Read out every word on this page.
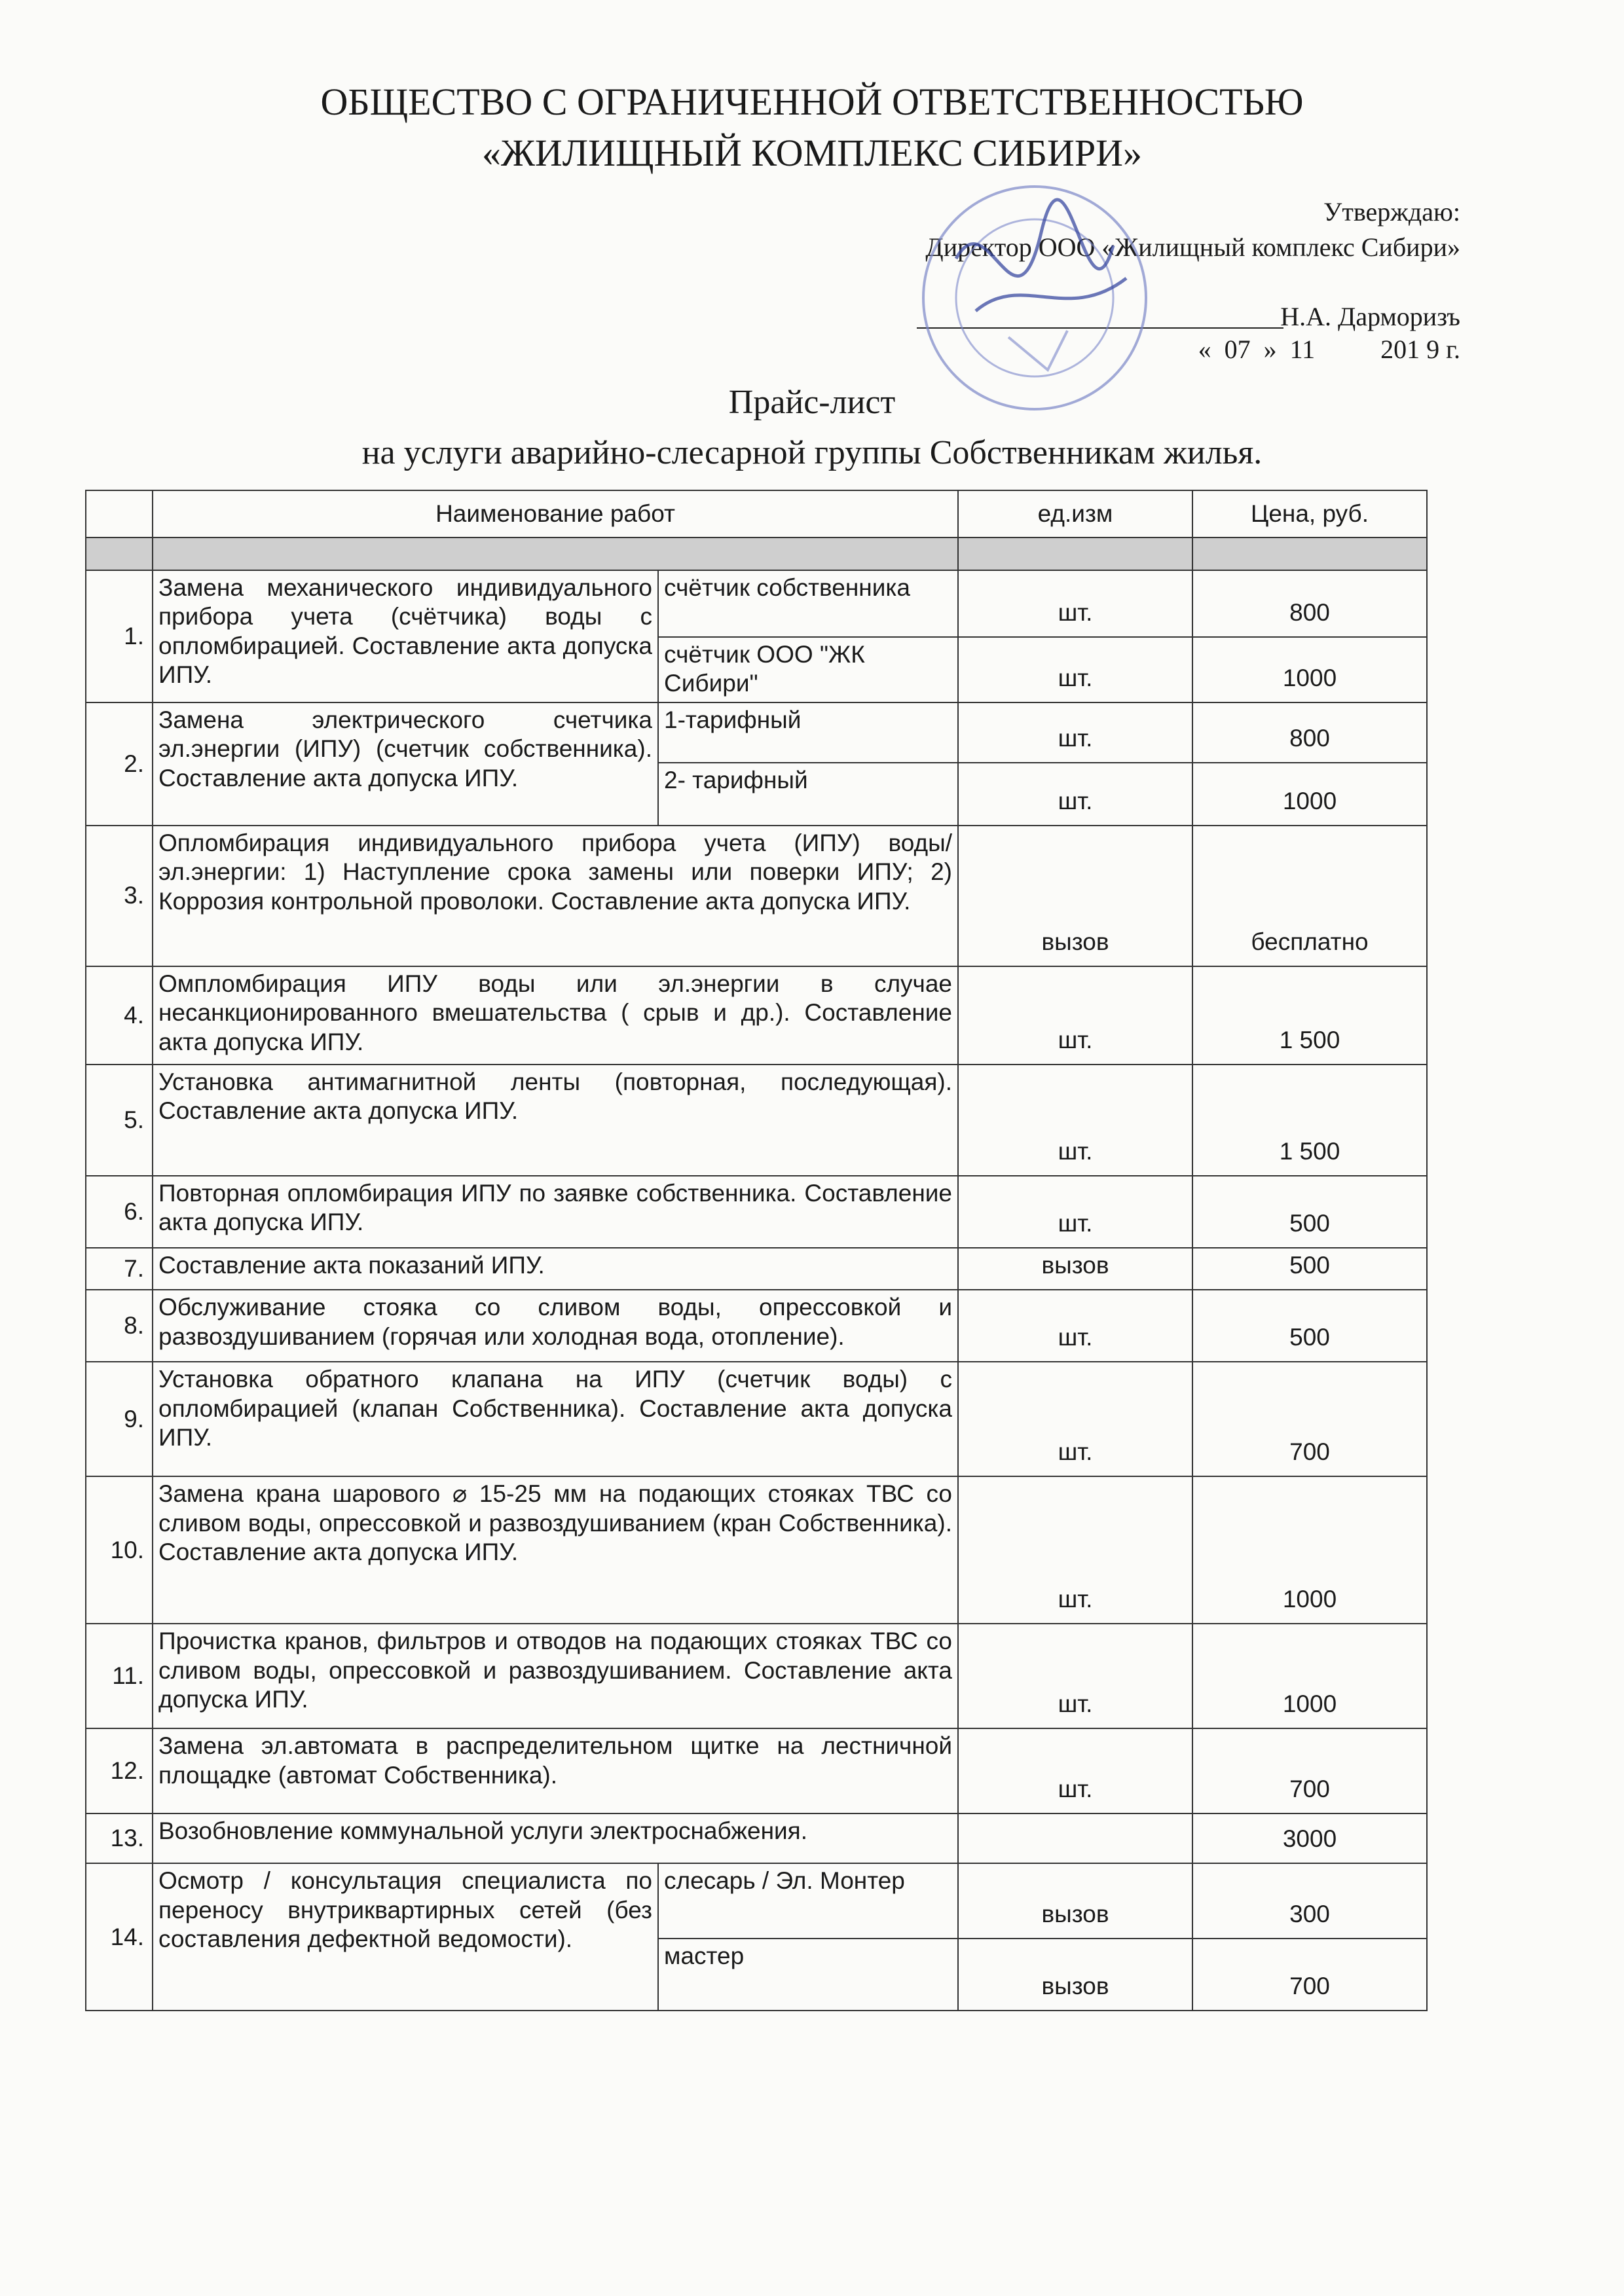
ОБЩЕСТВО С ОГРАНИЧЕННОЙ ОТВЕТСТВЕННОСТЬЮ
«ЖИЛИЩНЫЙ КОМПЛЕКС СИБИРИ»
Утверждаю:
Директор ООО «Жилищный комплекс Сибири»
Н.А. Дарморизъ
«  07  »  11          201 9 г.
Прайс-лист
на услуги аварийно-слесарной группы Собственникам жилья.
	Наименование работ		ед.изм	Цена, руб.

1.	Замена механического индивидуального прибора учета (счётчика) воды с опломбирацией. Составление акта допуска ИПУ.	счётчик собственника	шт.	800
		счётчик ООО "ЖК Сибири"	шт.	1000
2.	Замена электрического счетчика эл.энергии (ИПУ) (счетчик собственника). Составление акта допуска ИПУ.	1-тарифный	шт.	800
		2- тарифный	шт.	1000
3.	Опломбирация индивидуального прибора учета (ИПУ) воды/эл.энергии: 1) Наступление срока замены или поверки ИПУ; 2) Коррозия контрольной проволоки. Составление акта допуска ИПУ.		вызов	бесплатно
4.	Омпломбирация ИПУ воды или эл.энергии в случае несанкционированного вмешательства ( срыв и др.). Составление акта допуска ИПУ.		шт.	1 500
5.	Установка антимагнитной ленты (повторная, последующая). Составление акта допуска ИПУ.		шт.	1 500
6.	Повторная опломбирация ИПУ по заявке собственника. Составление акта допуска ИПУ.		шт.	500
7.	Составление акта показаний ИПУ.		вызов	500
8.	Обслуживание стояка со сливом воды, опрессовкой и развоздушиванием (горячая или холодная вода, отопление).		шт.	500
9.	Установка обратного клапана на ИПУ (счетчик воды) с опломбирацией (клапан Собственника). Составление акта допуска ИПУ.		шт.	700
10.	Замена крана шарового ⌀ 15-25 мм на подающих стояках ТВС со сливом воды, опрессовкой и развоздушиванием (кран Собственника). Составление акта допуска ИПУ.		шт.	1000
11.	Прочистка кранов, фильтров и отводов на подающих стояках ТВС со сливом воды, опрессовкой и развоздушиванием. Составление акта допуска ИПУ.		шт.	1000
12.	Замена эл.автомата в распределительном щитке на лестничной площадке (автомат Собственника).		шт.	700
13.	Возобновление коммунальной услуги электроснабжения.			3000
14.	Осмотр / консультация специалиста по переносу внутриквартирных сетей (без составления дефектной ведомости).	слесарь / Эл. Монтер	вызов	300
		мастер	вызов	700
